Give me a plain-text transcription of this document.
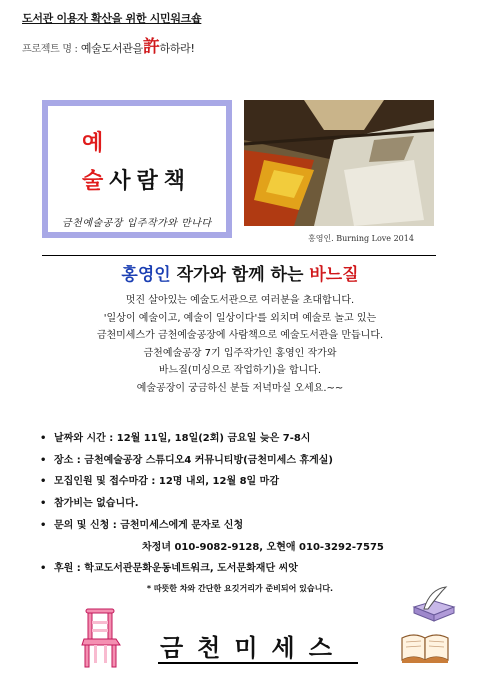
도서관 이용자 확산을 위한 시민워크숍
프로젝트 명 : 예술도서관을許하하라!
예
술 사람책
금천예술공장 입주작가와 만나다
홍영인. Burning Love 2014
홍영인 작가와 함께 하는 바느질
멋진 살아있는 예술도서관으로 여러분을 초대합니다.
'일상이 예술이고, 예술이 일상이다'를 외치며 예술로 놀고 있는
금천미세스가 금천예술공장에 사람책으로 예술도서관을 만듭니다.
금천예술공장 7기 입주작가인 홍영인 작가와
바느질(미싱으로 작업하기)을 합니다.
예술공장이 궁금하신 분들 저녁마실 오세요.~~
• 날짜와 시간 : 12월 11일, 18일(2회) 금요일 늦은 7-8시
• 장소 : 금천예술공장 스튜디오4 커뮤니티방(금천미세스 휴게실)
• 모집인원 및 접수마감 : 12명 내외, 12월 8일 마감
• 참가비는 없습니다.
• 문의 및 신청 : 금천미세스에게 문자로 신청
차정녀 010-9082-9128, 오현애 010-3292-7575
• 후원 : 학교도서관문화운동네트워크, 도서문화재단 씨앗
* 따뜻한 차와 간단한 요깃거리가 준비되어 있습니다.
금천미세스
